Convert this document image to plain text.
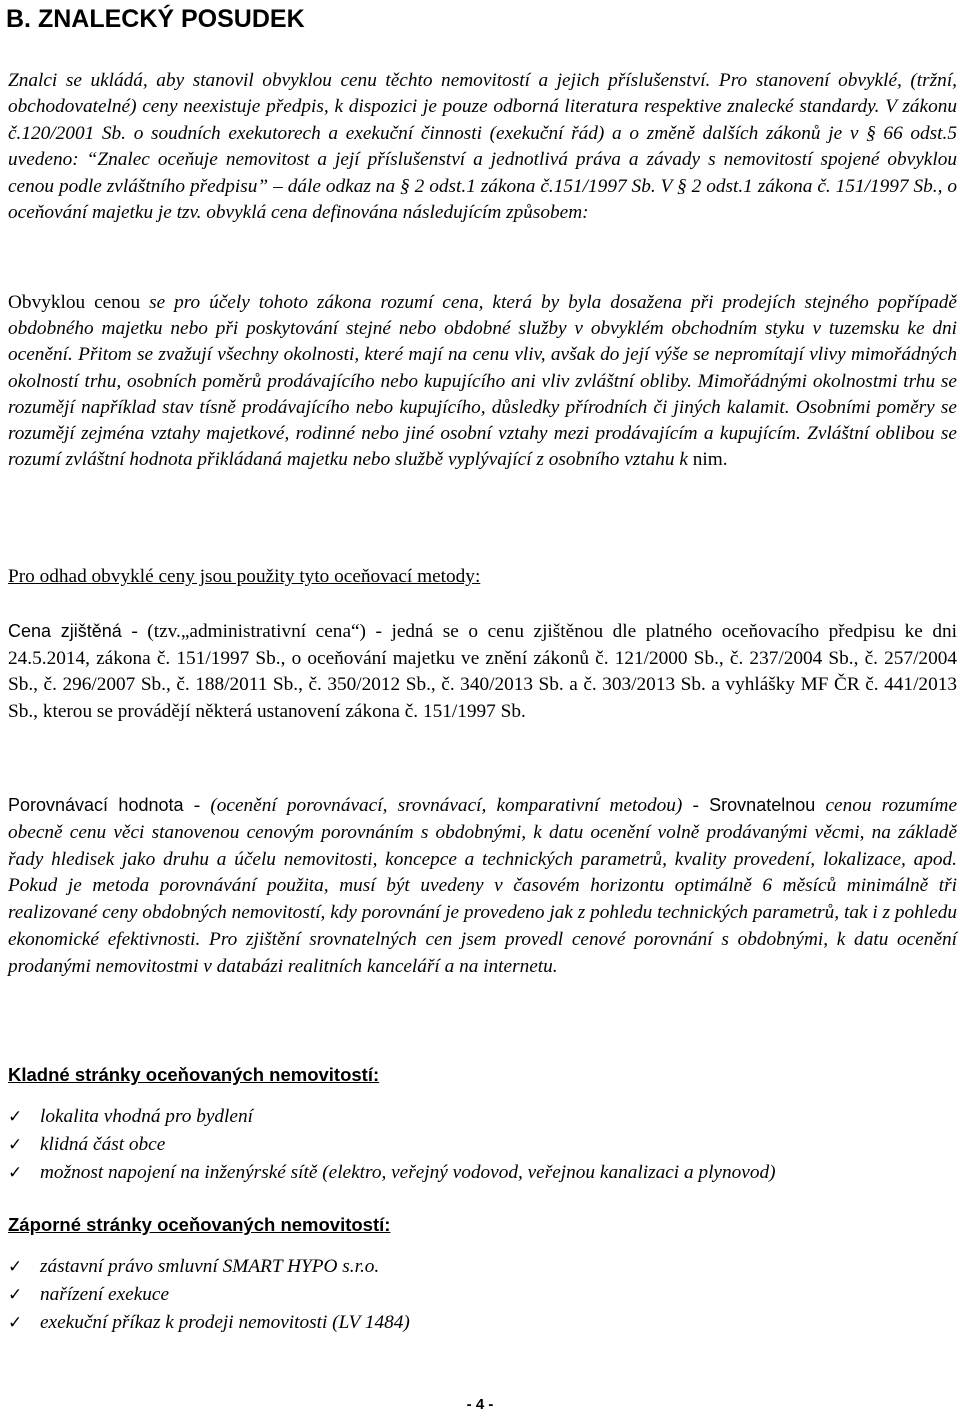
B. ZNALECKÝ POSUDEK

Znalci se ukládá, aby stanovil obvyklou cenu těchto nemovitostí a jejich příslušenství. Pro stanovení obvyklé, (tržní, obchodovatelné) ceny neexistuje předpis, k dispozici je pouze odborná literatura respektive znalecké standardy. V zákonu č.120/2001 Sb. o soudních exekutorech a exekuční činnosti (exekuční řád) a o změně dalších zákonů je v § 66 odst.5 uvedeno: “Znalec oceňuje nemovitost a její příslušenství a jednotlivá práva a závady s nemovitostí spojené obvyklou cenou podle zvláštního předpisu” – dále odkaz na § 2 odst.1 zákona č.151/1997 Sb. V § 2 odst.1 zákona č. 151/1997 Sb., o oceňování majetku je tzv. obvyklá cena definována následujícím způsobem:

Obvyklou cenou se pro účely tohoto zákona rozumí cena, která by byla dosažena při prodejích stejného popřípadě obdobného majetku nebo při poskytování stejné nebo obdobné služby v obvyklém obchodním styku v tuzemsku ke dni ocenění. Přitom se zvažují všechny okolnosti, které mají na cenu vliv, avšak do její výše se nepromítají vlivy mimořádných okolností trhu, osobních poměrů prodávajícího nebo kupujícího ani vliv zvláštní obliby. Mimořádnými okolnostmi trhu se rozumějí například stav tísně prodávajícího nebo kupujícího, důsledky přírodních či jiných kalamit. Osobními poměry se rozumějí zejména vztahy majetkové, rodinné nebo jiné osobní vztahy mezi prodávajícím a kupujícím. Zvláštní oblibou se rozumí zvláštní hodnota přikládaná majetku nebo službě vyplývající z osobního vztahu k nim.

Pro odhad obvyklé ceny jsou použity tyto oceňovací metody:

Cena zjištěná - (tzv.„administrativní cena“) - jedná se o cenu zjištěnou dle platného oceňovacího předpisu ke dni 24.5.2014, zákona č. 151/1997 Sb., o oceňování majetku ve znění zákonů č. 121/2000 Sb., č. 237/2004 Sb., č. 257/2004 Sb., č. 296/2007 Sb., č. 188/2011 Sb., č. 350/2012 Sb., č. 340/2013 Sb. a č. 303/2013 Sb. a vyhlášky MF ČR č. 441/2013 Sb., kterou se provádějí některá ustanovení zákona č. 151/1997 Sb.

Porovnávací hodnota - (ocenění porovnávací, srovnávací, komparativní metodou) - Srovnatelnou cenou rozumíme obecně cenu věci stanovenou cenovým porovnáním s obdobnými, k datu ocenění volně prodávanými věcmi, na základě řady hledisek jako druhu a účelu nemovitosti, koncepce a technických parametrů, kvality provedení, lokalizace, apod. Pokud je metoda porovnávání použita, musí být uvedeny v časovém horizontu optimálně 6 měsíců minimálně tři realizované ceny obdobných nemovitostí, kdy porovnání je provedeno jak z pohledu technických parametrů, tak i z pohledu ekonomické efektivnosti. Pro zjištění srovnatelných cen jsem provedl cenové porovnání s obdobnými, k datu ocenění prodanými nemovitostmi v databázi realitních kanceláří a na internetu.

Kladné stránky oceňovaných nemovitostí:
✓ lokalita vhodná pro bydlení
✓ klidná část obce
✓ možnost napojení na inženýrské sítě (elektro, veřejný vodovod, veřejnou kanalizaci a plynovod)
Záporné stránky oceňovaných nemovitostí:
✓ zástavní právo smluvní SMART HYPO s.r.o.
✓ nařízení exekuce
✓ exekuční příkaz k prodeji nemovitosti (LV 1484)
- 4 -
